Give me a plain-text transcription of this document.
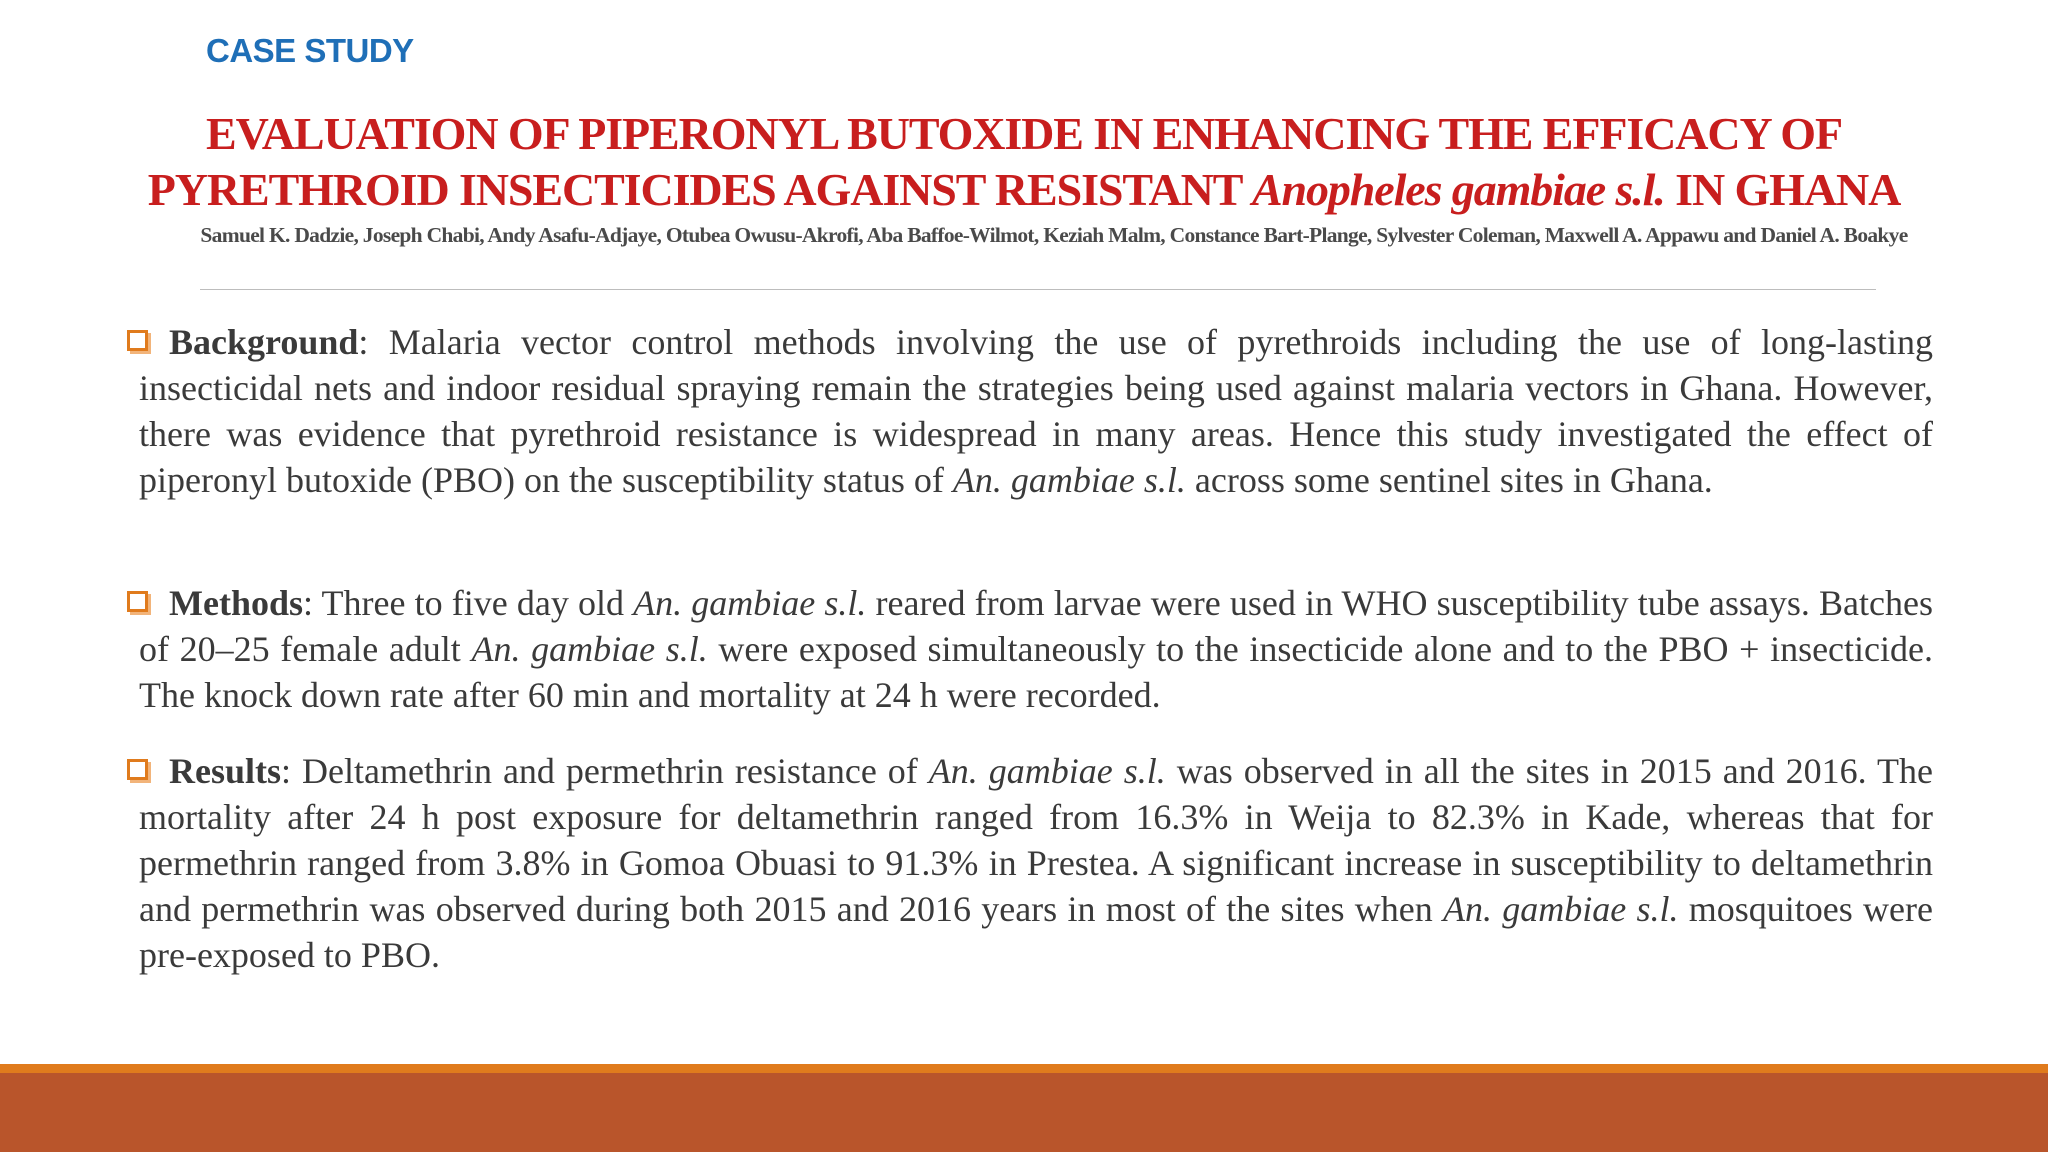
CASE STUDY
EVALUATION OF PIPERONYL BUTOXIDE IN ENHANCING THE EFFICACY OF
PYRETHROID INSECTICIDES AGAINST RESISTANT Anopheles gambiae s.l. IN GHANA
Samuel K. Dadzie, Joseph Chabi, Andy Asafu-Adjaye, Otubea Owusu-Akrofi, Aba Baffoe-Wilmot, Keziah Malm, Constance Bart-Plange, Sylvester Coleman, Maxwell A. Appawu and Daniel A. Boakye
Background: Malaria vector control methods involving the use of pyrethroids including the use of long-lasting insecticidal nets and indoor residual spraying remain the strategies being used against malaria vectors in Ghana. However, there was evidence that pyrethroid resistance is widespread in many areas. Hence this study investigated the effect of piperonyl butoxide (PBO) on the susceptibility status of An. gambiae s.l. across some sentinel sites in Ghana.
Methods: Three to five day old An. gambiae s.l. reared from larvae were used in WHO susceptibility tube assays. Batches of 20–25 female adult An. gambiae s.l. were exposed simultaneously to the insecticide alone and to the PBO + insecticide. The knock down rate after 60 min and mortality at 24 h were recorded.
Results: Deltamethrin and permethrin resistance of An. gambiae s.l. was observed in all the sites in 2015 and 2016. The mortality after 24 h post exposure for deltamethrin ranged from 16.3% in Weija to 82.3% in Kade, whereas that for permethrin ranged from 3.8% in Gomoa Obuasi to 91.3% in Prestea. A significant increase in susceptibility to deltamethrin and permethrin was observed during both 2015 and 2016 years in most of the sites when An. gambiae s.l. mosquitoes were pre-exposed to PBO.
